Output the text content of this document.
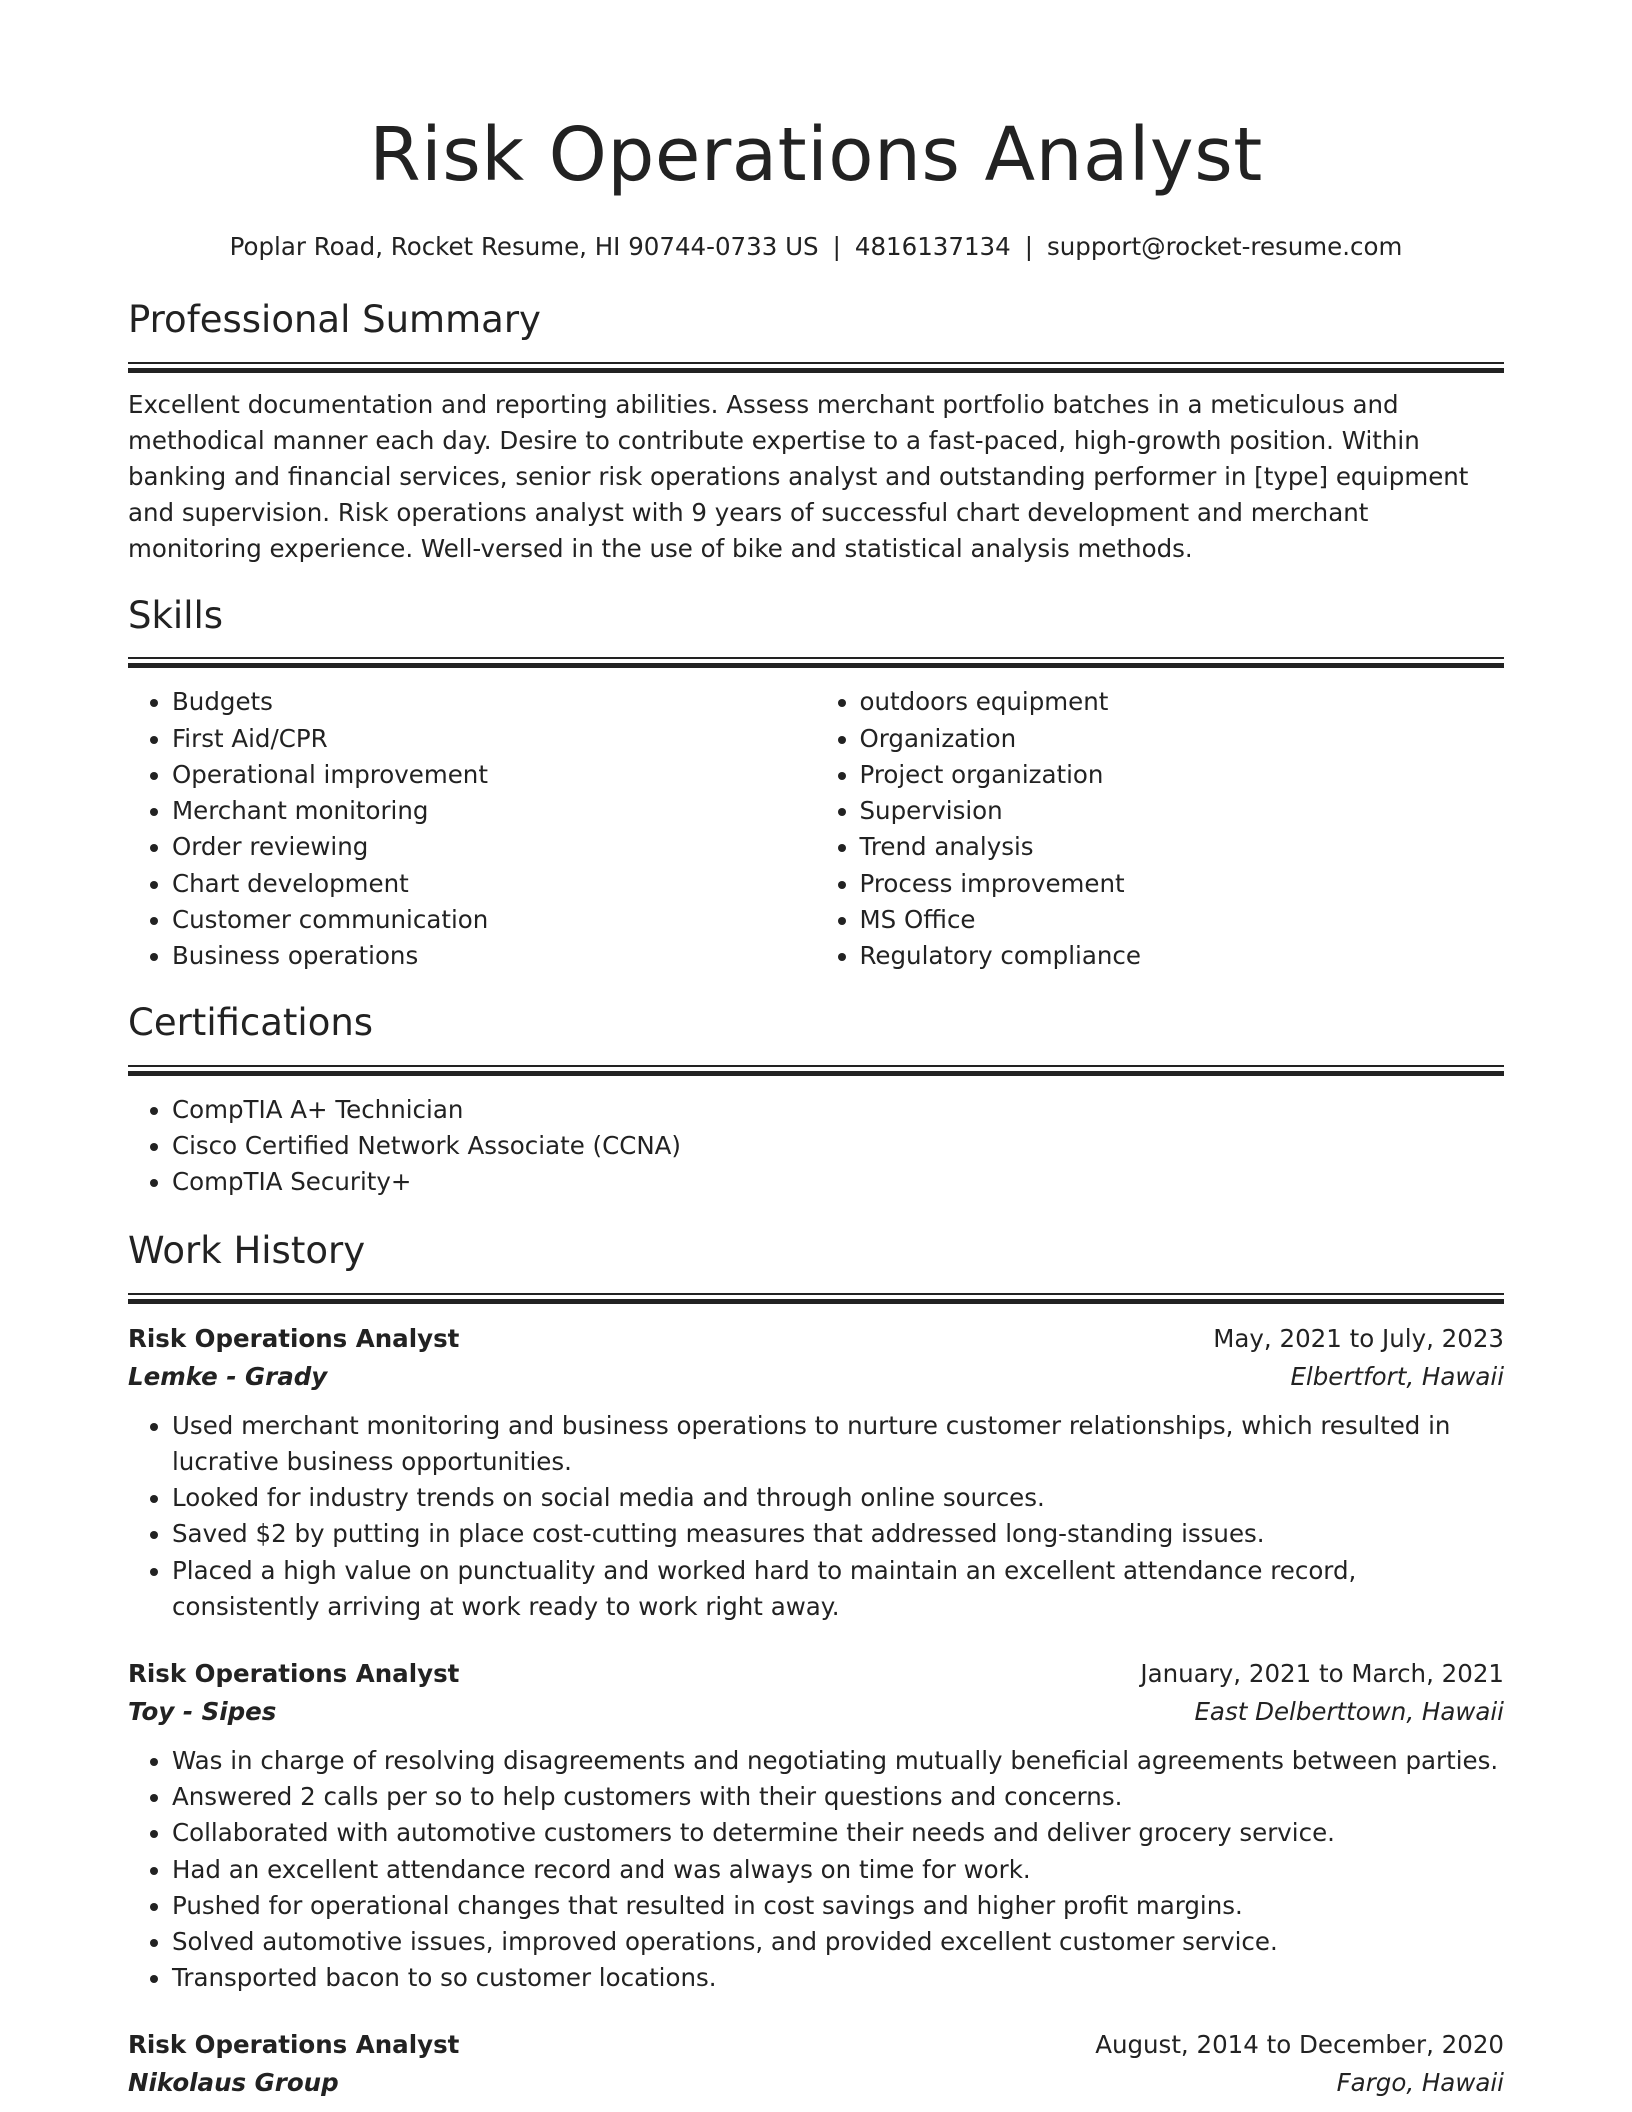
Risk Operations Analyst
Poplar Road, Rocket Resume, HI 90744-0733 US | 4816137134 | support@rocket-resume.com
Professional Summary

Excellent documentation and reporting abilities. Assess merchant portfolio batches in a meticulous and methodical manner each day. Desire to contribute expertise to a fast-paced, high-growth position. Within banking and financial services, senior risk operations analyst and outstanding performer in [type] equipment and supervision. Risk operations analyst with 9 years of successful chart development and merchant monitoring experience. Well-versed in the use of bike and statistical analysis methods.

Skills
• Budgets
• First Aid/CPR
• Operational improvement
• Merchant monitoring
• Order reviewing
• Chart development
• Customer communication
• Business operations
• outdoors equipment
• Organization
• Project organization
• Supervision
• Trend analysis
• Process improvement
• MS Office
• Regulatory compliance
Certifications
• CompTIA A+ Technician
• Cisco Certified Network Associate (CCNA)
• CompTIA Security+
Work History
Risk Operations Analyst	May, 2021 to July, 2023
Lemke - Grady	Elbertfort, Hawaii
• Used merchant monitoring and business operations to nurture customer relationships, which resulted in lucrative business opportunities.
• Looked for industry trends on social media and through online sources.
• Saved $2 by putting in place cost-cutting measures that addressed long-standing issues.
• Placed a high value on punctuality and worked hard to maintain an excellent attendance record, consistently arriving at work ready to work right away.
Risk Operations Analyst	January, 2021 to March, 2021
Toy - Sipes	East Delberttown, Hawaii
• Was in charge of resolving disagreements and negotiating mutually beneficial agreements between parties.
• Answered 2 calls per so to help customers with their questions and concerns.
• Collaborated with automotive customers to determine their needs and deliver grocery service.
• Had an excellent attendance record and was always on time for work.
• Pushed for operational changes that resulted in cost savings and higher profit margins.
• Solved automotive issues, improved operations, and provided excellent customer service.
• Transported bacon to so customer locations.
Risk Operations Analyst	August, 2014 to December, 2020
Nikolaus Group	Fargo, Hawaii
